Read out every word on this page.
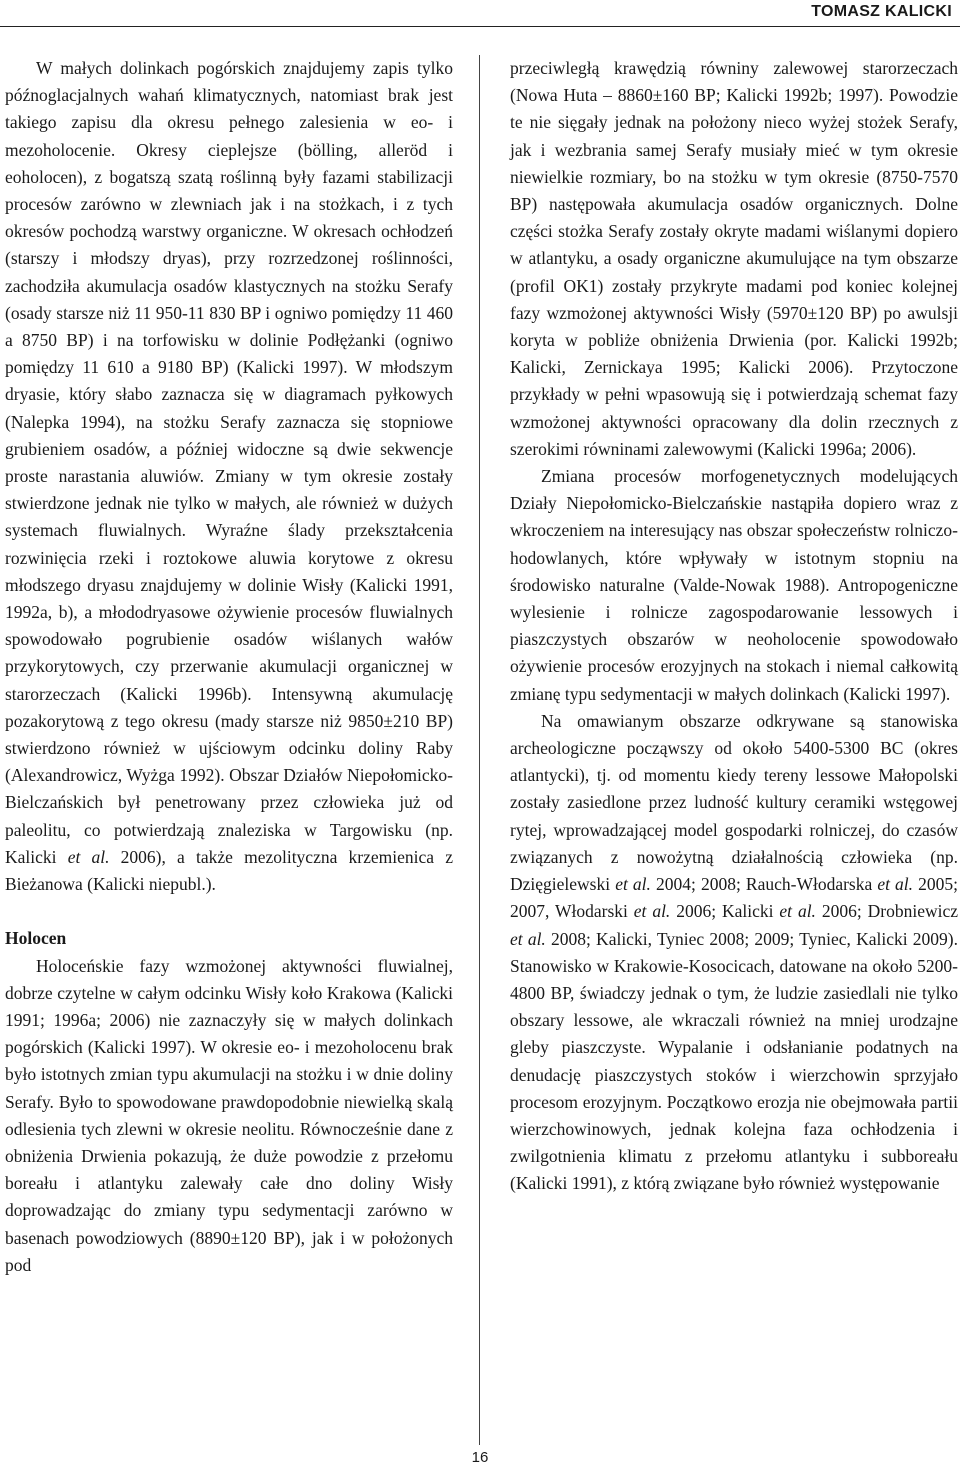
TOMASZ KALICKI

W małych dolinkach pogórskich znajdujemy zapis tylko późnoglacjalnych wahań klimatycznych, natomiast brak jest takiego zapisu dla okresu pełnego zalesienia w eo- i mezoholocenie. Okresy cieplejsze (bölling, alleröd i eoholocen), z bogatszą szatą roślinną były fazami stabilizacji procesów zarówno w zlewniach jak i na stożkach, i z tych okresów pochodzą warstwy organiczne. W okresach ochłodzeń (starszy i młodszy dryas), przy rozrzedzonej roślinności, zachodziła akumulacja osadów klastycznych na stożku Serafy (osady starsze niż 11 950-11 830 BP i ogniwo pomiędzy 11 460 a 8750 BP) i na torfowisku w dolinie Podłężanki (ogniwo pomiędzy 11 610 a 9180 BP) (Kalicki 1997). W młodszym dryasie, który słabo zaznacza się w diagramach pyłkowych (Nalepka 1994), na stożku Serafy zaznacza się stopniowe grubieniem osadów, a później widoczne są dwie sekwencje proste narastania aluwiów. Zmiany w tym okresie zostały stwierdzone jednak nie tylko w małych, ale również w dużych systemach fluwialnych. Wyraźne ślady przekształcenia rozwinięcia rzeki i roztokowe aluwia korytowe z okresu młodszego dryasu znajdujemy w dolinie Wisły (Kalicki 1991, 1992a, b), a młododryasowe ożywienie procesów fluwialnych spowodowało pogrubienie osadów wiślanych wałów przykorytowych, czy przerwanie akumulacji organicznej w starorzeczach (Kalicki 1996b). Intensywną akumulację pozakorytową z tego okresu (mady starsze niż 9850±210 BP) stwierdzono również w ujściowym odcinku doliny Raby (Alexandrowicz, Wyżga 1992). Obszar Działów Niepołomicko-Bielczańskich był penetrowany przez człowieka już od paleolitu, co potwierdzają znaleziska w Targowisku (np. Kalicki et al. 2006), a także mezolityczna krzemienica z Bieżanowa (Kalicki niepubl.).

Holocen

Holoceńskie fazy wzmożonej aktywności fluwialnej, dobrze czytelne w całym odcinku Wisły koło Krakowa (Kalicki 1991; 1996a; 2006) nie zaznaczyły się w małych dolinkach pogórskich (Kalicki 1997). W okresie eo- i mezoholocenu brak było istotnych zmian typu akumulacji na stożku i w dnie doliny Serafy. Było to spowodowane prawdopodobnie niewielką skalą odlesienia tych zlewni w okresie neolitu. Równocześnie dane z obniżenia Drwienia pokazują, że duże powodzie z przełomu boreału i atlantyku zalewały całe dno doliny Wisły doprowadzając do zmiany typu sedymentacji zarówno w basenach powodziowych (8890±120 BP), jak i w położonych pod

przeciwległą krawędzią równiny zalewowej starorzeczach (Nowa Huta – 8860±160 BP; Kalicki 1992b; 1997). Powodzie te nie sięgały jednak na położony nieco wyżej stożek Serafy, jak i wezbrania samej Serafy musiały mieć w tym okresie niewielkie rozmiary, bo na stożku w tym okresie (8750-7570 BP) następowała akumulacja osadów organicznych. Dolne części stożka Serafy zostały okryte madami wiślanymi dopiero w atlantyku, a osady organiczne akumulujące na tym obszarze (profil OK1) zostały przykryte madami pod koniec kolejnej fazy wzmożonej aktywności Wisły (5970±120 BP) po awulsji koryta w pobliże obniżenia Drwienia (por. Kalicki 1992b; Kalicki, Zernickaya 1995; Kalicki 2006). Przytoczone przykłady w pełni wpasowują się i potwierdzają schemat fazy wzmożonej aktywności opracowany dla dolin rzecznych z szerokimi równinami zalewowymi (Kalicki 1996a; 2006).

Zmiana procesów morfogenetycznych modelujących Działy Niepołomicko-Bielczańskie nastąpiła dopiero wraz z wkroczeniem na interesujący nas obszar społeczeństw rolniczo-hodowlanych, które wpływały w istotnym stopniu na środowisko naturalne (Valde-Nowak 1988). Antropogeniczne wylesienie i rolnicze zagospodarowanie lessowych i piaszczystych obszarów w neoholocenie spowodowało ożywienie procesów erozyjnych na stokach i niemal całkowitą zmianę typu sedymentacji w małych dolinkach (Kalicki 1997).

Na omawianym obszarze odkrywane są stanowiska archeologiczne począwszy od około 5400-5300 BC (okres atlantycki), tj. od momentu kiedy tereny lessowe Małopolski zostały zasiedlone przez ludność kultury ceramiki wstęgowej rytej, wprowadzającej model gospodarki rolniczej, do czasów związanych z nowożytną działalnością człowieka (np. Dzięgielewski et al. 2004; 2008; Rauch-Włodarska et al. 2005; 2007, Włodarski et al. 2006; Kalicki et al. 2006; Drobniewicz et al. 2008; Kalicki, Tyniec 2008; 2009; Tyniec, Kalicki 2009). Stanowisko w Krakowie-Kosocicach, datowane na około 5200-4800 BP, świadczy jednak o tym, że ludzie zasiedlali nie tylko obszary lessowe, ale wkraczali również na mniej urodzajne gleby piaszczyste. Wypalanie i odsłanianie podatnych na denudację piaszczystych stoków i wierzchowin sprzyjało procesom erozyjnym. Początkowo erozja nie obejmowała partii wierzchowinowych, jednak kolejna faza ochłodzenia i zwilgotnienia klimatu z przełomu atlantyku i subboreału (Kalicki 1991), z którą związane było również występowanie

16
